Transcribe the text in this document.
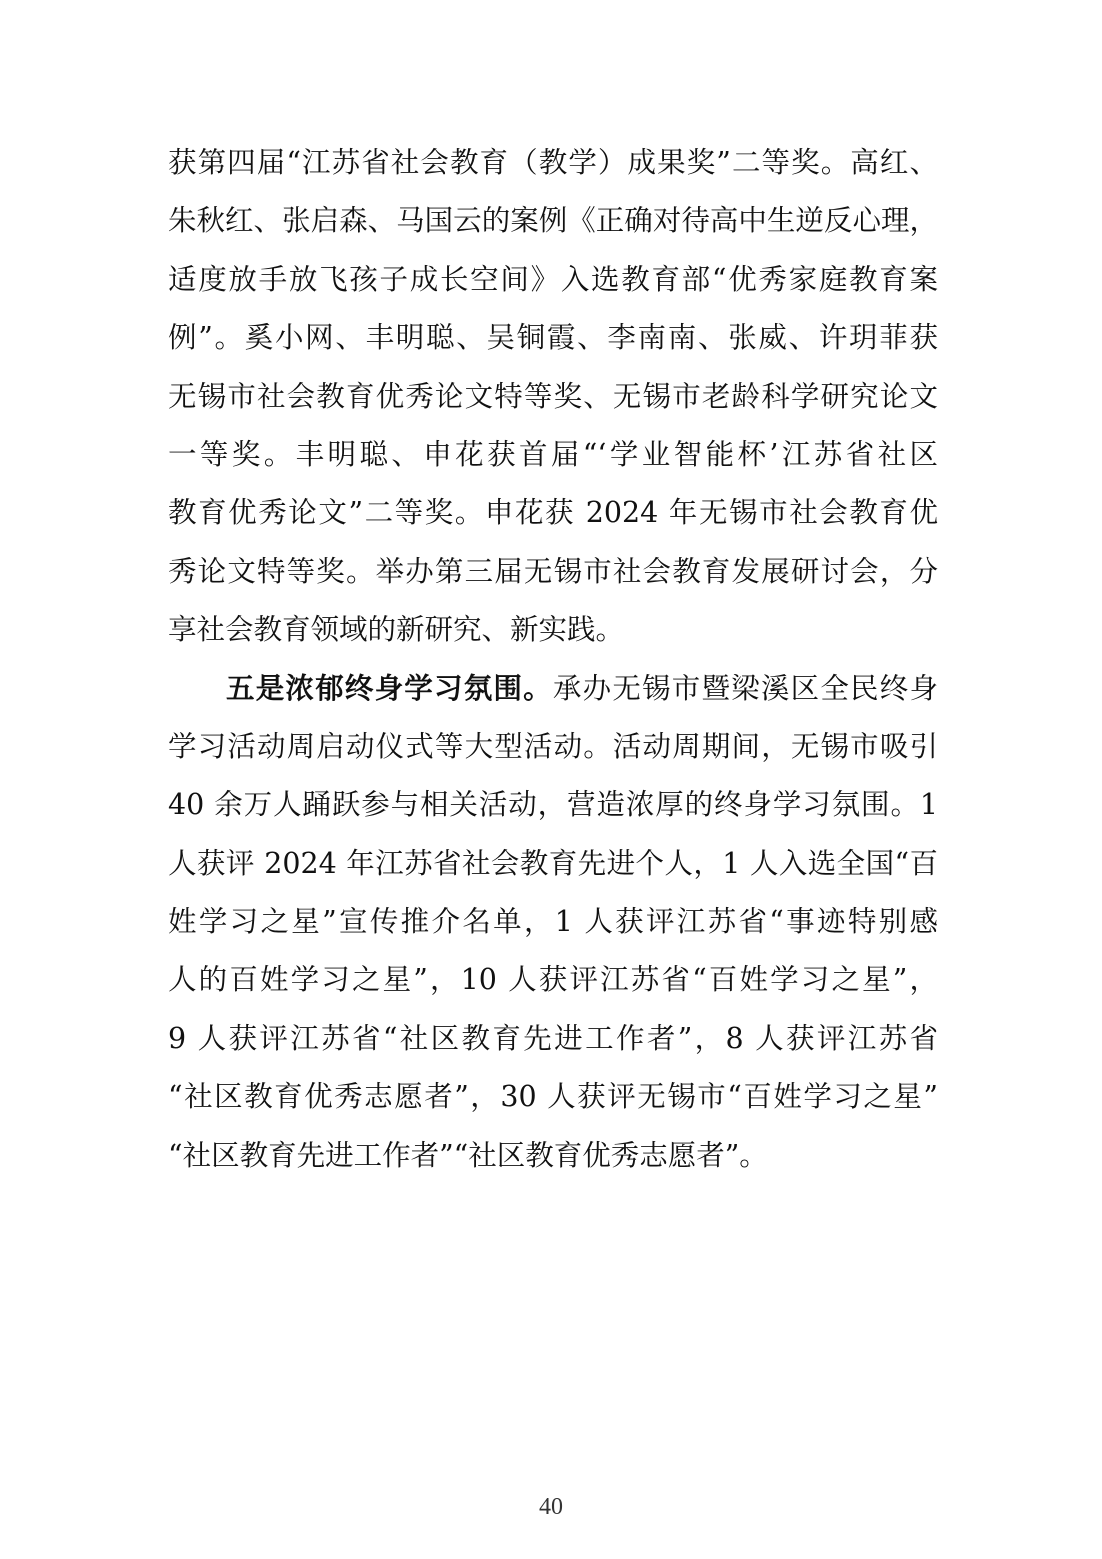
获第四届“江苏省社会教育（教学）成果奖”二等奖。高红、
朱秋红、张启森、马国云的案例《正确对待高中生逆反心理，
适度放手放飞孩子成长空间》入选教育部“优秀家庭教育案
例”。奚小网、丰明聪、吴铜霞、李南南、张威、许玥菲获
无锡市社会教育优秀论文特等奖、无锡市老龄科学研究论文
一等奖。丰明聪、申花获首届“‘学业智能杯’江苏省社区
教育优秀论文”二等奖。申花获 2024 年无锡市社会教育优
秀论文特等奖。举办第三届无锡市社会教育发展研讨会，分
享社会教育领域的新研究、新实践。
五是浓郁终身学习氛围。承办无锡市暨梁溪区全民终身
学习活动周启动仪式等大型活动。活动周期间，无锡市吸引
40 余万人踊跃参与相关活动，营造浓厚的终身学习氛围。1
人获评 2024 年江苏省社会教育先进个人，1 人入选全国“百
姓学习之星”宣传推介名单，1 人获评江苏省“事迹特别感
人的百姓学习之星”，10 人获评江苏省“百姓学习之星”，
9 人获评江苏省“社区教育先进工作者”，8 人获评江苏省
“社区教育优秀志愿者”，30 人获评无锡市“百姓学习之星”
“社区教育先进工作者”“社区教育优秀志愿者”。
40
